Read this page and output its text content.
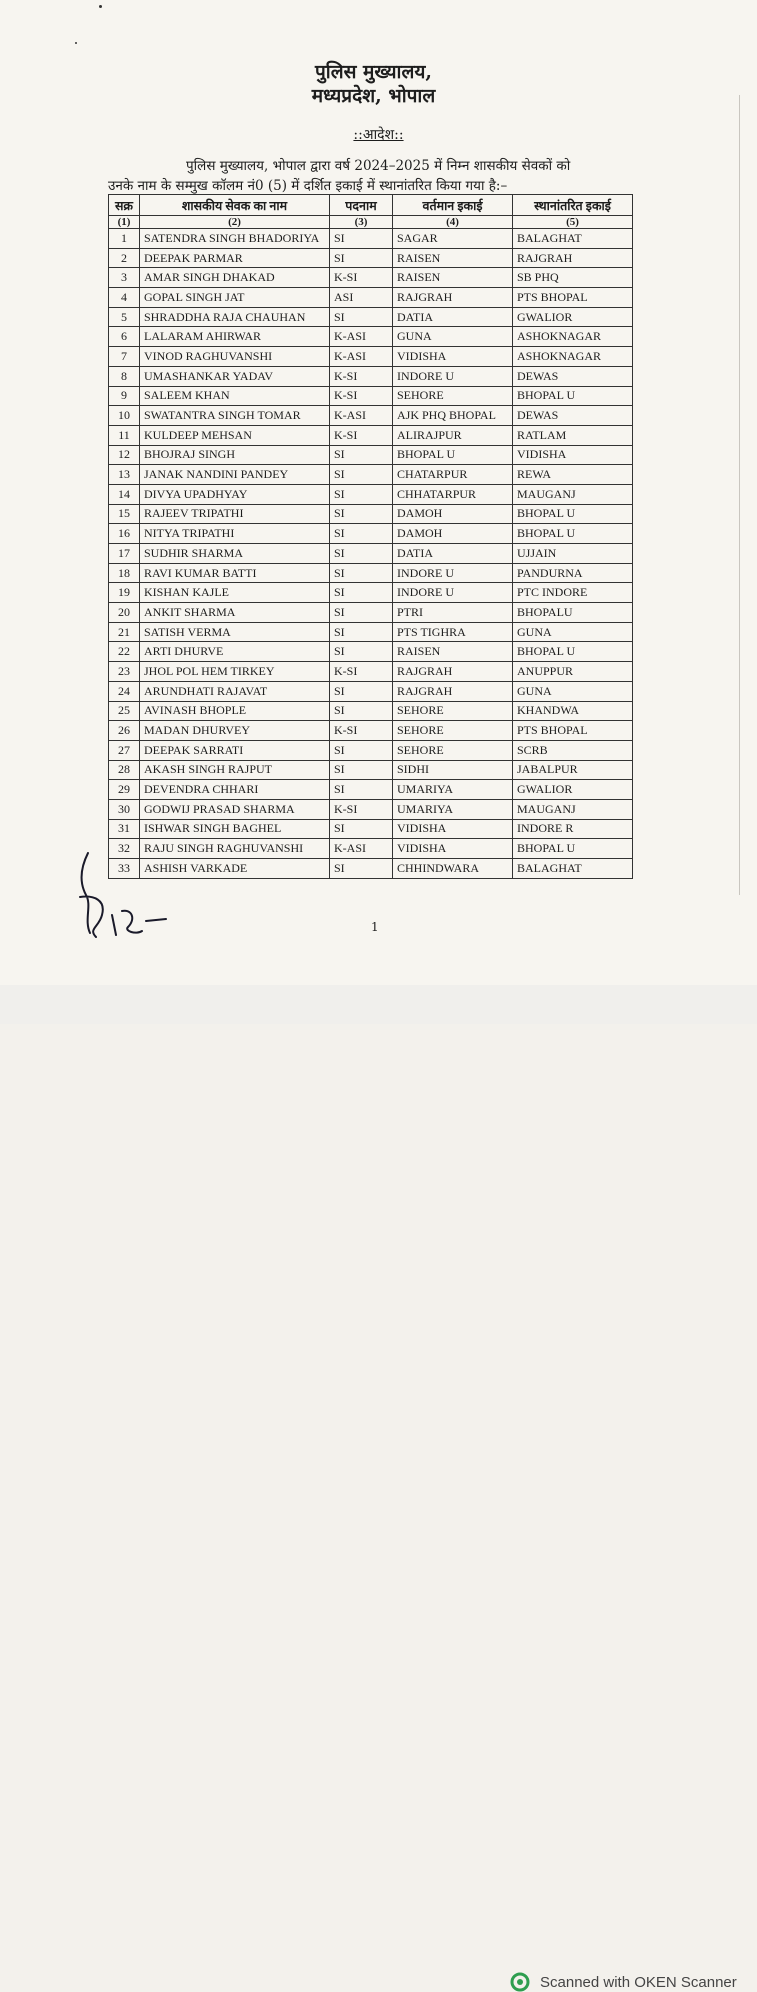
पुलिस मुख्यालय,
मध्यप्रदेश, भोपाल
::आदेश::
पुलिस मुख्यालय, भोपाल द्वारा वर्ष 2024–2025 में निम्न शासकीय सेवकों को
उनके नाम के सम्मुख कॉलम नं0 (5) में दर्शित इकाई में स्थानांतरित किया गया है:–
सक्र	शासकीय सेवक का नाम	पदनाम	वर्तमान इकाई	स्थानांतरित इकाई
(1)	(2)	(3)	(4)	(5)
1	SATENDRA SINGH BHADORIYA	SI	SAGAR	BALAGHAT
2	DEEPAK PARMAR	SI	RAISEN	RAJGRAH
3	AMAR SINGH DHAKAD	K-SI	RAISEN	SB PHQ
4	GOPAL SINGH JAT	ASI	RAJGRAH	PTS BHOPAL
5	SHRADDHA RAJA CHAUHAN	SI	DATIA	GWALIOR
6	LALARAM AHIRWAR	K-ASI	GUNA	ASHOKNAGAR
7	VINOD RAGHUVANSHI	K-ASI	VIDISHA	ASHOKNAGAR
8	UMASHANKAR YADAV	K-SI	INDORE U	DEWAS
9	SALEEM KHAN	K-SI	SEHORE	BHOPAL U
10	SWATANTRA SINGH TOMAR	K-ASI	AJK PHQ BHOPAL	DEWAS
11	KULDEEP MEHSAN	K-SI	ALIRAJPUR	RATLAM
12	BHOJRAJ SINGH	SI	BHOPAL U	VIDISHA
13	JANAK NANDINI PANDEY	SI	CHATARPUR	REWA
14	DIVYA UPADHYAY	SI	CHHATARPUR	MAUGANJ
15	RAJEEV TRIPATHI	SI	DAMOH	BHOPAL U
16	NITYA TRIPATHI	SI	DAMOH	BHOPAL U
17	SUDHIR SHARMA	SI	DATIA	UJJAIN
18	RAVI KUMAR BATTI	SI	INDORE U	PANDURNA
19	KISHAN KAJLE	SI	INDORE U	PTC INDORE
20	ANKIT SHARMA	SI	PTRI	BHOPALU
21	SATISH VERMA	SI	PTS TIGHRA	GUNA
22	ARTI DHURVE	SI	RAISEN	BHOPAL U
23	JHOL POL HEM TIRKEY	K-SI	RAJGRAH	ANUPPUR
24	ARUNDHATI RAJAVAT	SI	RAJGRAH	GUNA
25	AVINASH BHOPLE	SI	SEHORE	KHANDWA
26	MADAN DHURVEY	K-SI	SEHORE	PTS BHOPAL
27	DEEPAK SARRATI	SI	SEHORE	SCRB
28	AKASH SINGH RAJPUT	SI	SIDHI	JABALPUR
29	DEVENDRA CHHARI	SI	UMARIYA	GWALIOR
30	GODWIJ PRASAD SHARMA	K-SI	UMARIYA	MAUGANJ
31	ISHWAR SINGH BAGHEL	SI	VIDISHA	INDORE R
32	RAJU SINGH RAGHUVANSHI	K-ASI	VIDISHA	BHOPAL U
33	ASHISH VARKADE	SI	CHHINDWARA	BALAGHAT
1
Scanned with OKEN Scanner
